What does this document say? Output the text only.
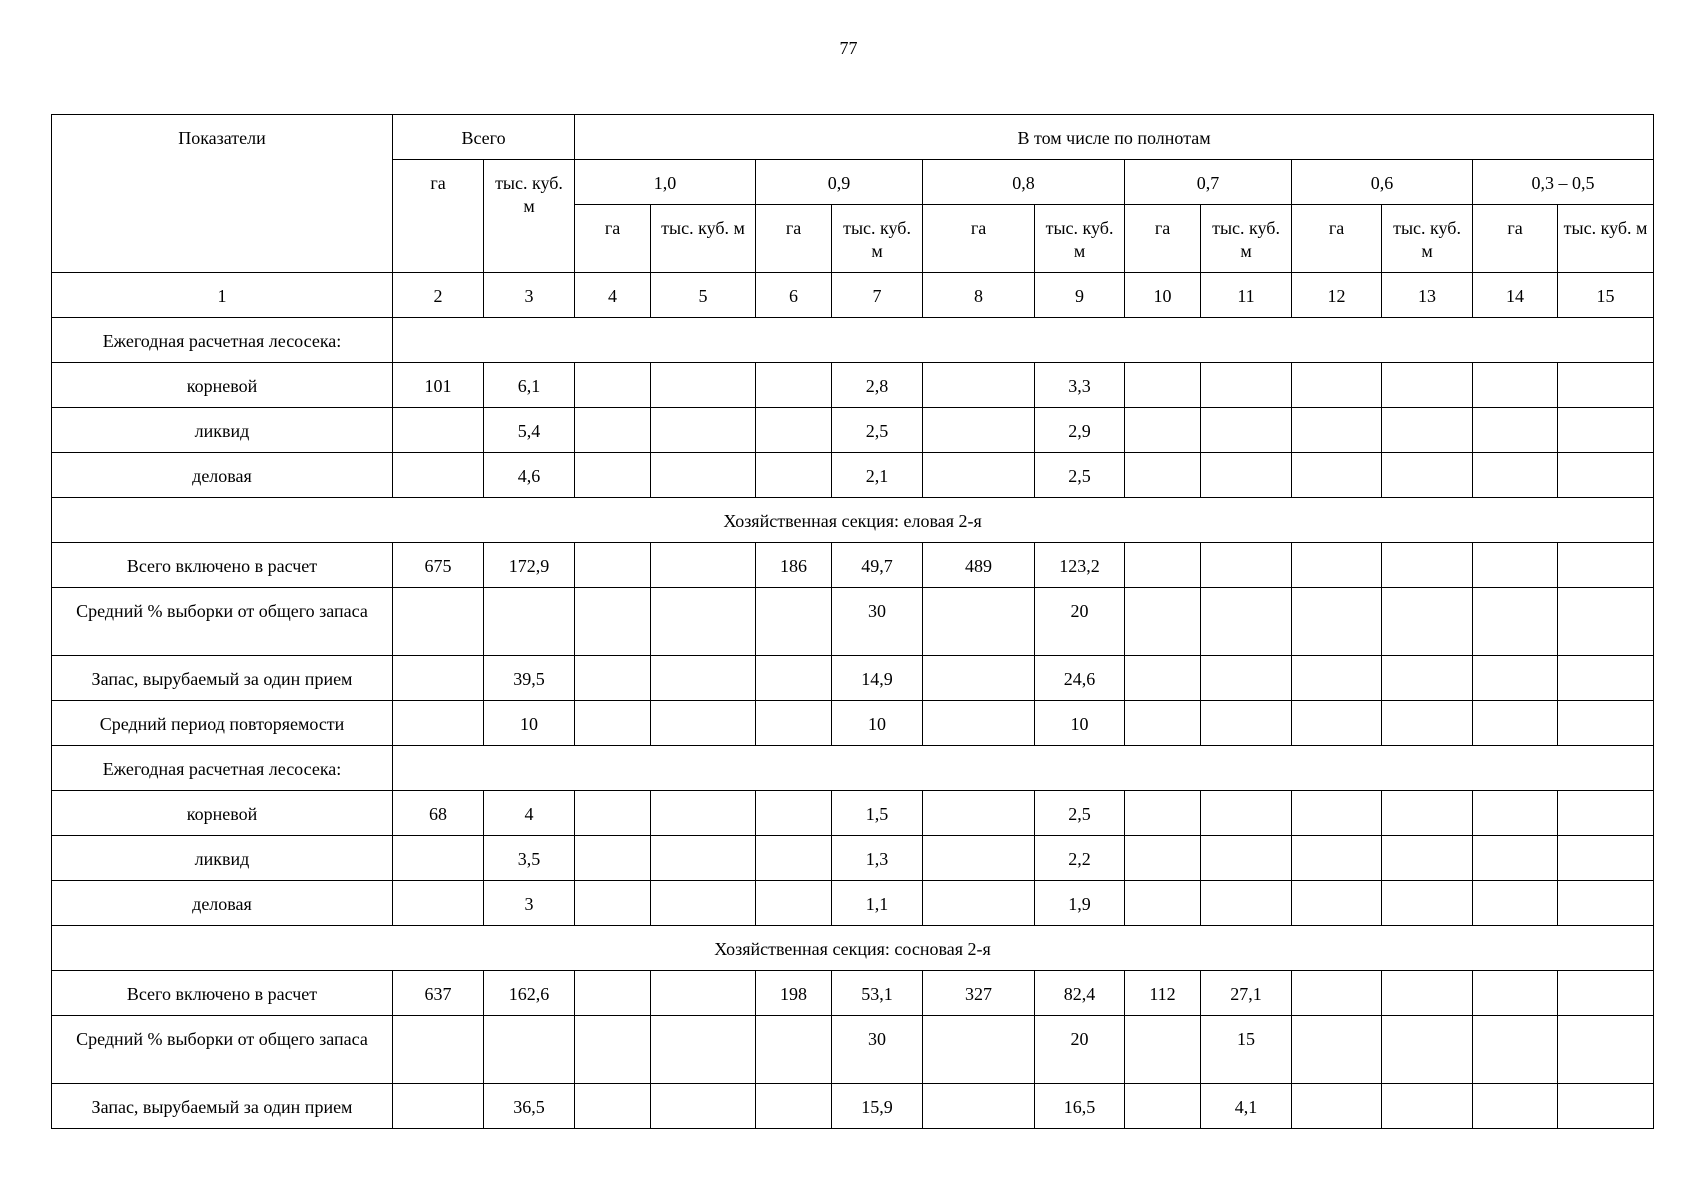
77
Показатели	Всего		В том числе по полнотам											
	га	тыс. куб. м	1,0		0,9		0,8		0,7		0,6		0,3 – 0,5	
			га	тыс. куб. м	га	тыс. куб. м	га	тыс. куб. м	га	тыс. куб. м	га	тыс. куб. м	га	тыс. куб. м
1	2	3	4	5	6	7	8	9	10	11	12	13	14	15
Ежегодная расчетная лесосека:														
корневой	101	6,1				2,8		3,3						
ликвид		5,4				2,5		2,9						
деловая		4,6				2,1		2,5						
Хозяйственная секция: еловая 2-я														
Всего включено в расчет	675	172,9			186	49,7	489	123,2						
Средний % выборки от общего запаса						30		20						
Запас, вырубаемый за один прием		39,5				14,9		24,6						
Средний период повторяемости		10				10		10						
Ежегодная расчетная лесосека:														
корневой	68	4				1,5		2,5						
ликвид		3,5				1,3		2,2						
деловая		3				1,1		1,9						
Хозяйственная секция: сосновая 2-я														
Всего включено в расчет	637	162,6			198	53,1	327	82,4	112	27,1				
Средний % выборки от общего запаса						30		20		15				
Запас, вырубаемый за один прием		36,5				15,9		16,5		4,1				
